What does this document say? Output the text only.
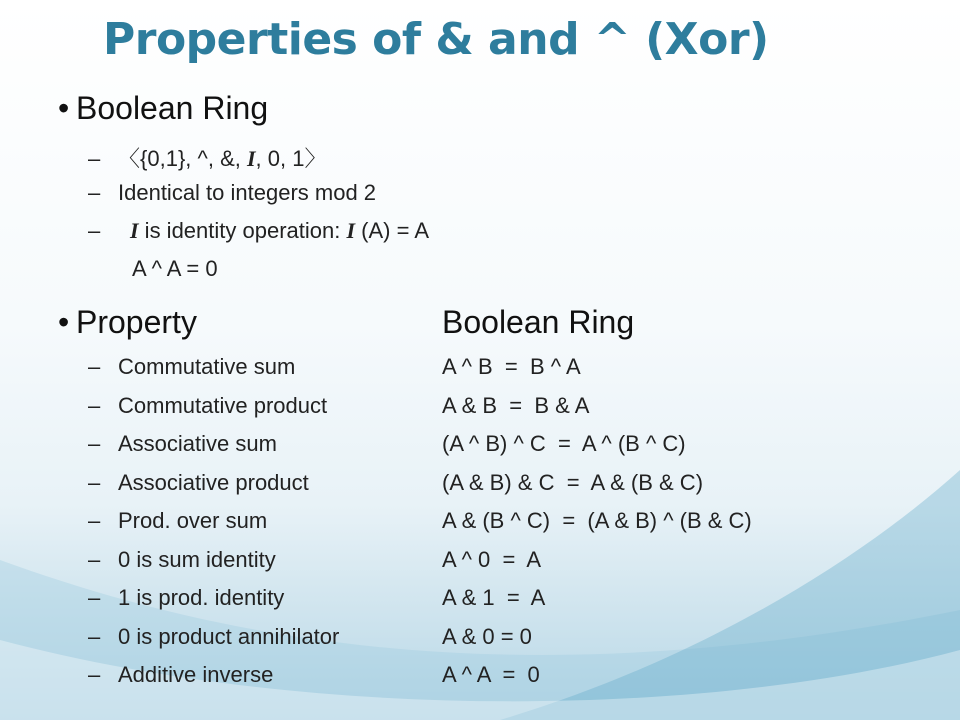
Properties of & and ^ (Xor)
• Boolean Ring
– 〈{0,1}, ^, &, I, 0, 1〉
– Identical to integers mod 2
– I is identity operation: I (A) = A
A ^ A = 0
• Property	Boolean Ring
– Commutative sum	A ^ B  =  B ^ A
– Commutative product	A & B  =  B & A
– Associative sum	(A ^ B) ^ C  =  A ^ (B ^ C)
– Associative product	(A & B) & C  =  A & (B & C)
– Prod. over sum	A & (B ^ C)  =  (A & B) ^ (B & C)
– 0 is sum identity	A ^ 0  =  A
– 1 is prod. identity	A & 1  =  A
– 0 is product annihilator	A & 0 = 0
– Additive inverse	A ^ A  =  0
